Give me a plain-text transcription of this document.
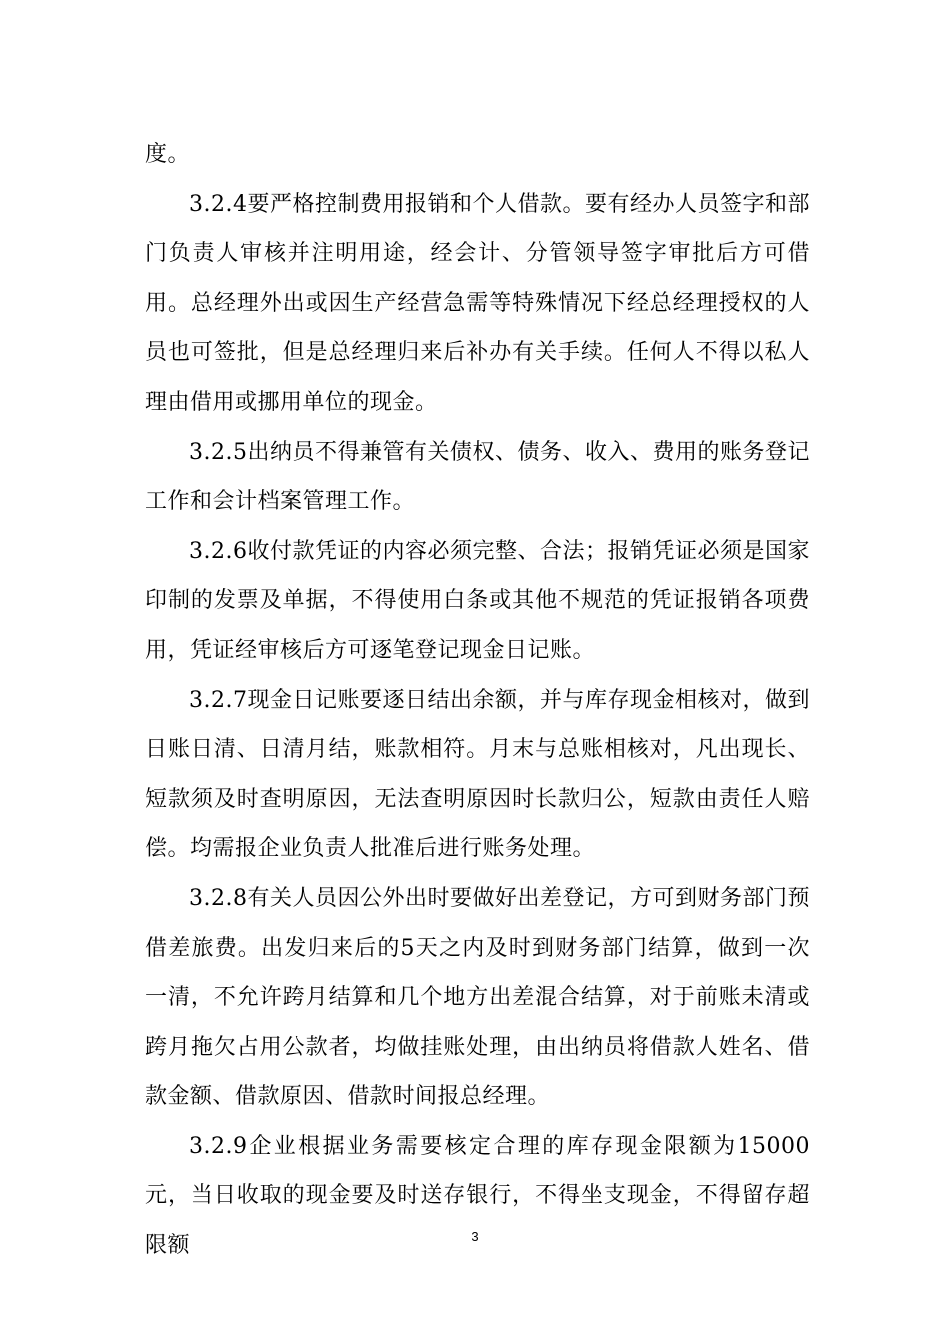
度。

3.2.4要严格控制费用报销和个人借款。要有经办人员签字和部门负责人审核并注明用途，经会计、分管领导签字审批后方可借用。总经理外出或因生产经营急需等特殊情况下经总经理授权的人员也可签批，但是总经理归来后补办有关手续。任何人不得以私人理由借用或挪用单位的现金。

3.2.5出纳员不得兼管有关债权、债务、收入、费用的账务登记工作和会计档案管理工作。

3.2.6收付款凭证的内容必须完整、合法；报销凭证必须是国家印制的发票及单据，不得使用白条或其他不规范的凭证报销各项费用，凭证经审核后方可逐笔登记现金日记账。

3.2.7现金日记账要逐日结出余额，并与库存现金相核对，做到日账日清、日清月结，账款相符。月末与总账相核对，凡出现长、短款须及时查明原因，无法查明原因时长款归公，短款由责任人赔偿。均需报企业负责人批准后进行账务处理。

3.2.8有关人员因公外出时要做好出差登记，方可到财务部门预借差旅费。出发归来后的5天之内及时到财务部门结算，做到一次一清，不允许跨月结算和几个地方出差混合结算，对于前账未清或跨月拖欠占用公款者，均做挂账处理，由出纳员将借款人姓名、借款金额、借款原因、借款时间报总经理。

3.2.9企业根据业务需要核定合理的库存现金限额为15000元，当日收取的现金要及时送存银行，不得坐支现金，不得留存超限额	3
